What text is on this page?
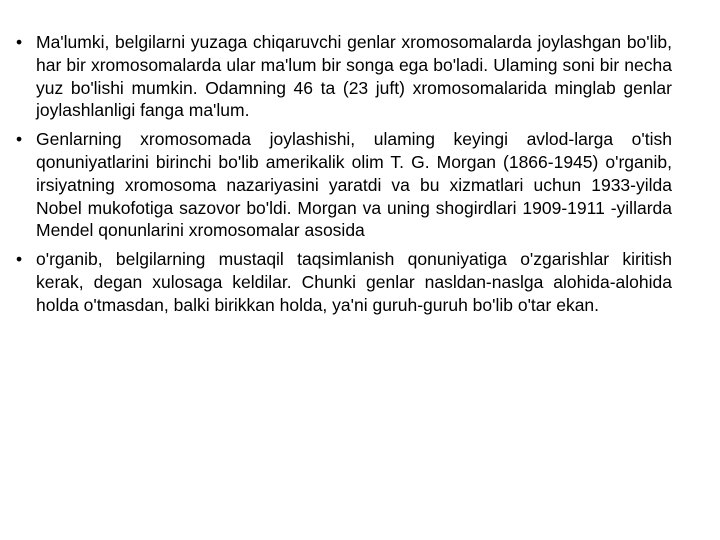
• Ma'lumki, belgilarni yuzaga chiqaruvchi genlar xromosomalarda joylashgan bo'lib, har bir xromosomalarda ular ma'lum bir songa ega bo'ladi. Ulaming soni bir necha yuz bo'lishi mumkin. Odamning 46 ta (23 juft) xromosomalarida minglab genlar joylashlanligi fanga ma'lum.
• Genlarning xromosomada joylashishi, ulaming keyingi avlod-larga o'tish qonuniyatlarini birinchi bo'lib amerikalik olim T. G. Morgan (1866-1945) o'rganib, irsiyatning xromosoma nazariyasini yaratdi va bu xizmatlari uchun 1933-yilda Nobel mukofotiga sazovor bo'ldi. Morgan va uning shogirdlari 1909-1911 -yillarda Mendel qonunlarini xromosomalar asosida
• o'rganib, belgilarning mustaqil taqsimlanish qonuniyatiga o'zgarishlar kiritish kerak, degan xulosaga keldilar. Chunki genlar nasldan-naslga alohida-alohida holda o'tmasdan, balki birikkan holda, ya'ni guruh-guruh bo'lib o'tar ekan.
